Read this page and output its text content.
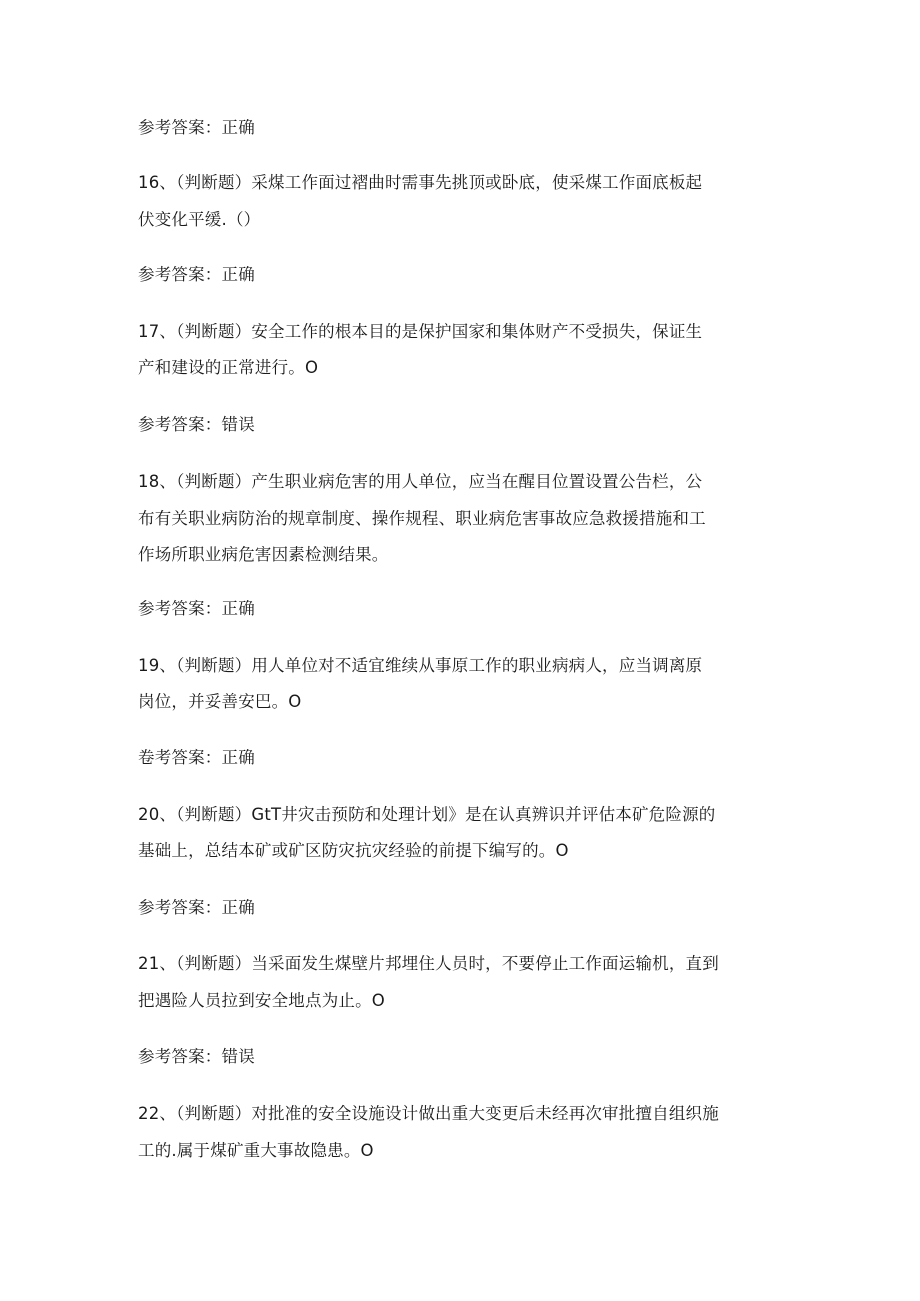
参考答案：正确
16、（判断题）采煤工作面过褶曲时需事先挑顶或卧底，使采煤工作面底板起
伏变化平缓.（）
参考答案：正确
17、（判断题）安全工作的根本目的是保护国家和集体财产不受损失，保证生
产和建设的正常进行。O
参考答案：错误
18、（判断题）产生职业病危害的用人单位，应当在醒目位置设置公告栏，公
布有关职业病防治的规章制度、操作规程、职业病危害事故应急救援措施和工
作场所职业病危害因素检测结果。
参考答案：正确
19、（判断题）用人单位对不适宜维续从事原工作的职业病病人，应当调离原
岗位，并妥善安巴。O
卷考答案：正确
20、（判断题）GtT井灾击预防和处理计划》是在认真辨识并评估本矿危险源的
基础上，总结本矿或矿区防灾抗灾经验的前提下编写的。O
参考答案：正确
21、（判断题）当采面发生煤壁片邦埋住人员时，不要停止工作面运输机，直到
把遇险人员拉到安全地点为止。O
参考答案：错误
22、（判断题）对批准的安全设施设计做出重大变更后未经再次审批擅自组织施
工的.属于煤矿重大事故隐患。O
